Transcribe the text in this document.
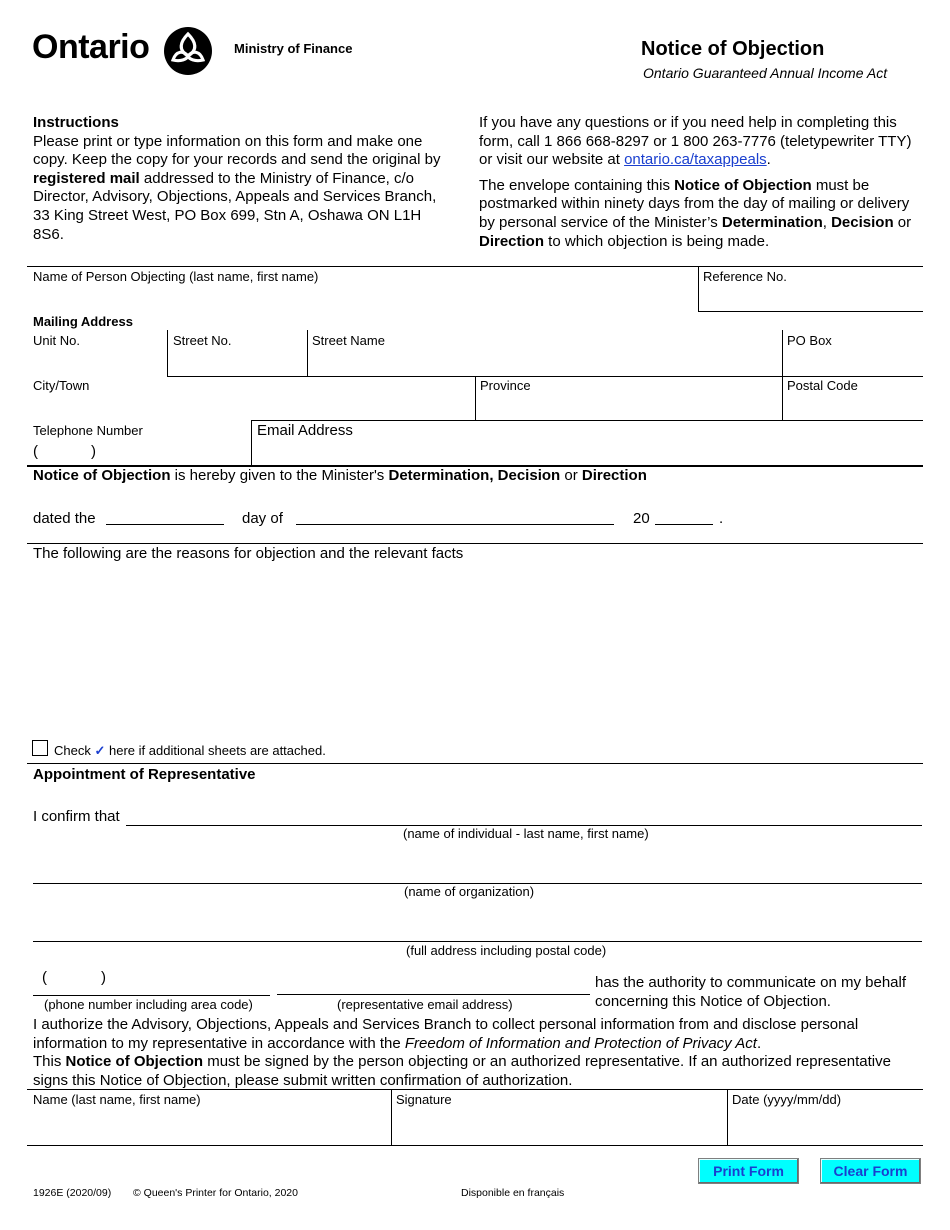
Ontario	Ministry of Finance	Notice of Objection
Ontario Guaranteed Annual Income Act
Instructions

Please print or type information on this form and make one copy. Keep the copy for your records and send the original by registered mail addressed to the Ministry of Finance, c/o Director, Advisory, Objections, Appeals and Services Branch, 33 King Street West, PO Box 699, Stn A, Oshawa ON L1H 8S6.

If you have any questions or if you need help in completing this form, call 1 866 668-8297 or 1 800 263-7776 (teletypewriter TTY) or visit our website at ontario.ca/taxappeals.

The envelope containing this Notice of Objection must be postmarked within ninety days from the day of mailing or delivery by personal service of the Minister’s Determination, Decision or Direction to which objection is being made.

Name of Person Objecting (last name, first name)	Reference No.
Mailing Address
Unit No.	Street No.	Street Name	PO Box
City/Town	Province	Postal Code
Telephone Number
(	)
Email Address
Notice of Objection is hereby given to the Minister's Determination, Decision or Direction
dated the	day of	20	.
The following are the reasons for objection and the relevant facts
Check ✓ here if additional sheets are attached.
Appointment of Representative
I confirm that
(name of individual - last name, first name)
(name of organization)
(full address including postal code)
(	)
(phone number including area code)	(representative email address)
has the authority to communicate on my behalf concerning this Notice of Objection.
I authorize the Advisory, Objections, Appeals and Services Branch to collect personal information from and disclose personal information to my representative in accordance with the Freedom of Information and Protection of Privacy Act.
This Notice of Objection must be signed by the person objecting or an authorized representative. If an authorized representative signs this Notice of Objection, please submit written confirmation of authorization.
Name (last name, first name)	Signature	Date (yyyy/mm/dd)
Print Form	Clear Form
1926E (2020/09) © Queen's Printer for Ontario, 2020	Disponible en français
